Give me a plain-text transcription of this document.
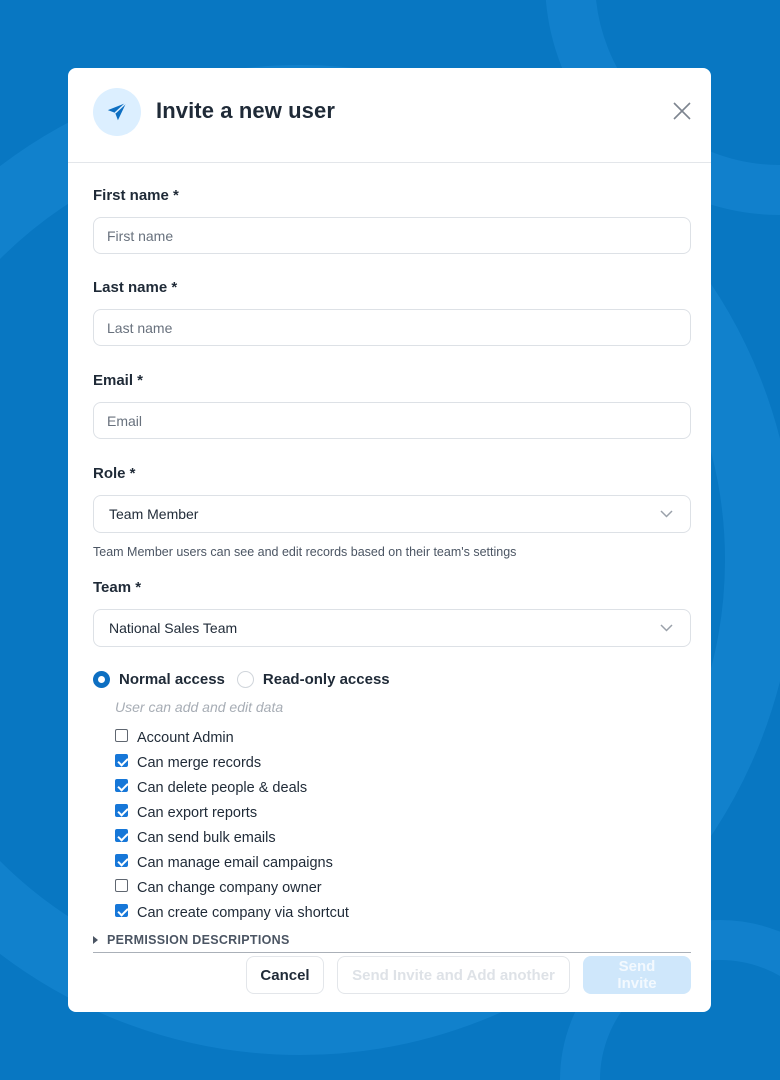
Invite a new user
First name *
First name
Last name *
Last name
Email *
Email
Role *
Team Member
Team Member users can see and edit records based on their team's settings
Team *
National Sales Team
Normal access	Read-only access
User can add and edit data
Account Admin
Can merge records
Can delete people & deals
Can export reports
Can send bulk emails
Can manage email campaigns
Can change company owner
Can create company via shortcut
PERMISSION DESCRIPTIONS
Cancel	Send Invite and Add another	Send Invite
